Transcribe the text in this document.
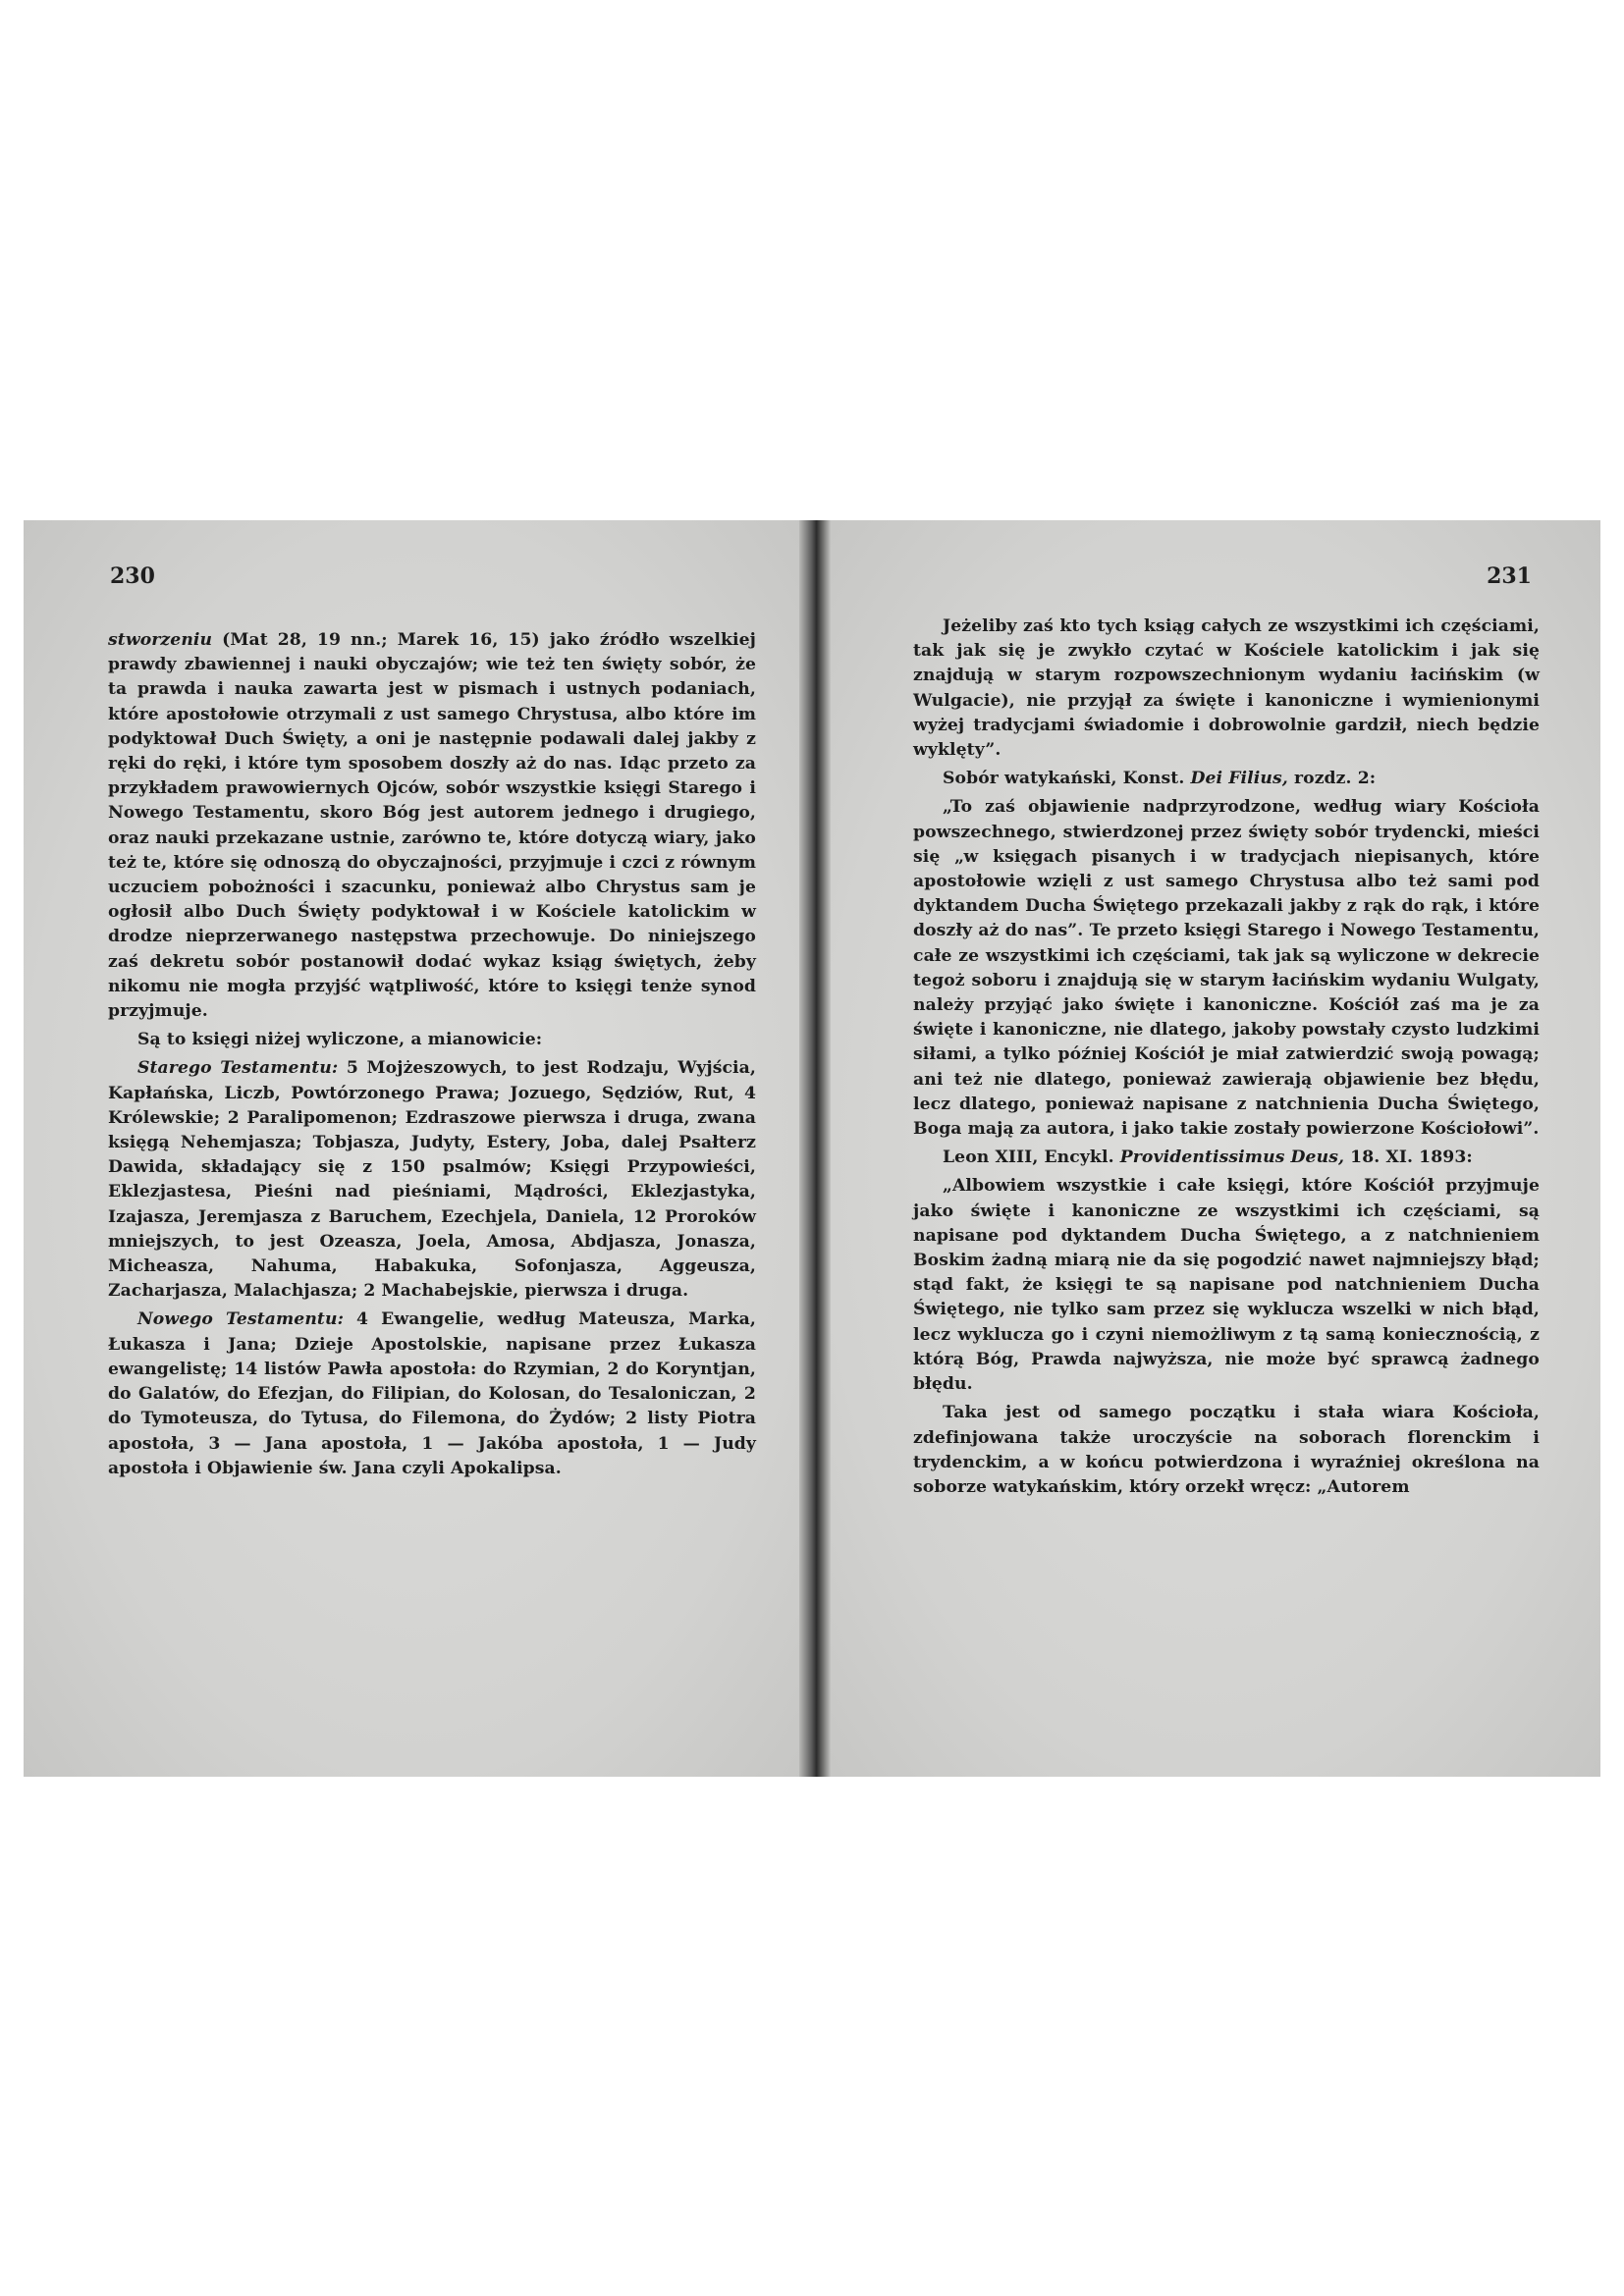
230

stworzeniu (Mat 28, 19 nn.; Marek 16, 15) jako źródło wszelkiej prawdy zbawiennej i nauki obyczajów; wie też ten święty sobór, że ta prawda i nauka zawarta jest w pismach i ustnych podaniach, które apostołowie otrzymali z ust samego Chrystusa, albo które im podyktował Duch Święty, a oni je następnie podawali dalej jakby z ręki do ręki, i które tym sposobem doszły aż do nas. Idąc przeto za przykładem prawowiernych Ojców, sobór wszystkie księgi Starego i Nowego Testamentu, skoro Bóg jest autorem jednego i drugiego, oraz nauki przekazane ustnie, zarówno te, które dotyczą wiary, jako też te, które się odnoszą do obyczajności, przyjmuje i czci z równym uczuciem pobożności i szacunku, ponieważ albo Chrystus sam je ogłosił albo Duch Święty podyktował i w Kościele katolickim w drodze nieprzerwanego następstwa przechowuje. Do niniejszego zaś dekretu sobór postanowił dodać wykaz ksiąg świętych, żeby nikomu nie mogła przyjść wątpliwość, które to księgi tenże synod przyjmuje.

Są to księgi niżej wyliczone, a mianowicie:

Starego Testamentu: 5 Mojżeszowych, to jest Rodzaju, Wyjścia, Kapłańska, Liczb, Powtórzonego Prawa; Jozuego, Sędziów, Rut, 4 Królewskie; 2 Paralipomenon; Ezdraszowe pierwsza i druga, zwana księgą Nehemjasza; Tobjasza, Judyty, Estery, Joba, dalej Psałterz Dawida, składający się z 150 psalmów; Księgi Przypowieści, Eklezjastesa, Pieśni nad pieśniami, Mądrości, Eklezjastyka, Izajasza, Jeremjasza z Baruchem, Ezechjela, Daniela, 12 Proroków mniejszych, to jest Ozeasza, Joela, Amosa, Abdjasza, Jonasza, Micheasza, Nahuma, Habakuka, Sofonjasza, Aggeusza, Zacharjasza, Malachjasza; 2 Machabejskie, pierwsza i druga.

Nowego Testamentu: 4 Ewangelie, według Mateusza, Marka, Łukasza i Jana; Dzieje Apostolskie, napisane przez Łukasza ewangelistę; 14 listów Pawła apostoła: do Rzymian, 2 do Koryntjan, do Galatów, do Efezjan, do Filipian, do Kolosan, do Tesaloniczan, 2 do Tymoteusza, do Tytusa, do Filemona, do Żydów; 2 listy Piotra apostoła, 3 — Jana apostoła, 1 — Jakóba apostoła, 1 — Judy apostoła i Objawienie św. Jana czyli Apokalipsa.

231

Jeżeliby zaś kto tych ksiąg całych ze wszystkimi ich częściami, tak jak się je zwykło czytać w Kościele katolickim i jak się znajdują w starym rozpowszechnionym wydaniu łacińskim (w Wulgacie), nie przyjął za święte i kanoniczne i wymienionymi wyżej tradycjami świadomie i dobrowolnie gardził, niech będzie wyklęty”.

Sobór watykański, Konst. Dei Filius, rozdz. 2:

„To zaś objawienie nadprzyrodzone, według wiary Kościoła powszechnego, stwierdzonej przez święty sobór trydencki, mieści się „w księgach pisanych i w tradycjach niepisanych, które apostołowie wzięli z ust samego Chrystusa albo też sami pod dyktandem Ducha Świętego przekazali jakby z rąk do rąk, i które doszły aż do nas”. Te przeto księgi Starego i Nowego Testamentu, całe ze wszystkimi ich częściami, tak jak są wyliczone w dekrecie tegoż soboru i znajdują się w starym łacińskim wydaniu Wulgaty, należy przyjąć jako święte i kanoniczne. Kościół zaś ma je za święte i kanoniczne, nie dlatego, jakoby powstały czysto ludzkimi siłami, a tylko później Kościół je miał zatwierdzić swoją powagą; ani też nie dlatego, ponieważ zawierają objawienie bez błędu, lecz dlatego, ponieważ napisane z natchnienia Ducha Świętego, Boga mają za autora, i jako takie zostały powierzone Kościołowi”.

Leon XIII, Encykl. Providentissimus Deus, 18. XI. 1893:

„Albowiem wszystkie i całe księgi, które Kościół przyjmuje jako święte i kanoniczne ze wszystkimi ich częściami, są napisane pod dyktandem Ducha Świętego, a z natchnieniem Boskim żadną miarą nie da się pogodzić nawet najmniejszy błąd; stąd fakt, że księgi te są napisane pod natchnieniem Ducha Świętego, nie tylko sam przez się wyklucza wszelki w nich błąd, lecz wyklucza go i czyni niemożliwym z tą samą koniecznością, z którą Bóg, Prawda najwyższa, nie może być sprawcą żadnego błędu.

Taka jest od samego początku i stała wiara Kościoła, zdefinjowana także uroczyście na soborach florenckim i trydenckim, a w końcu potwierdzona i wyraźniej określona na soborze watykańskim, który orzekł wręcz: „Autorem
